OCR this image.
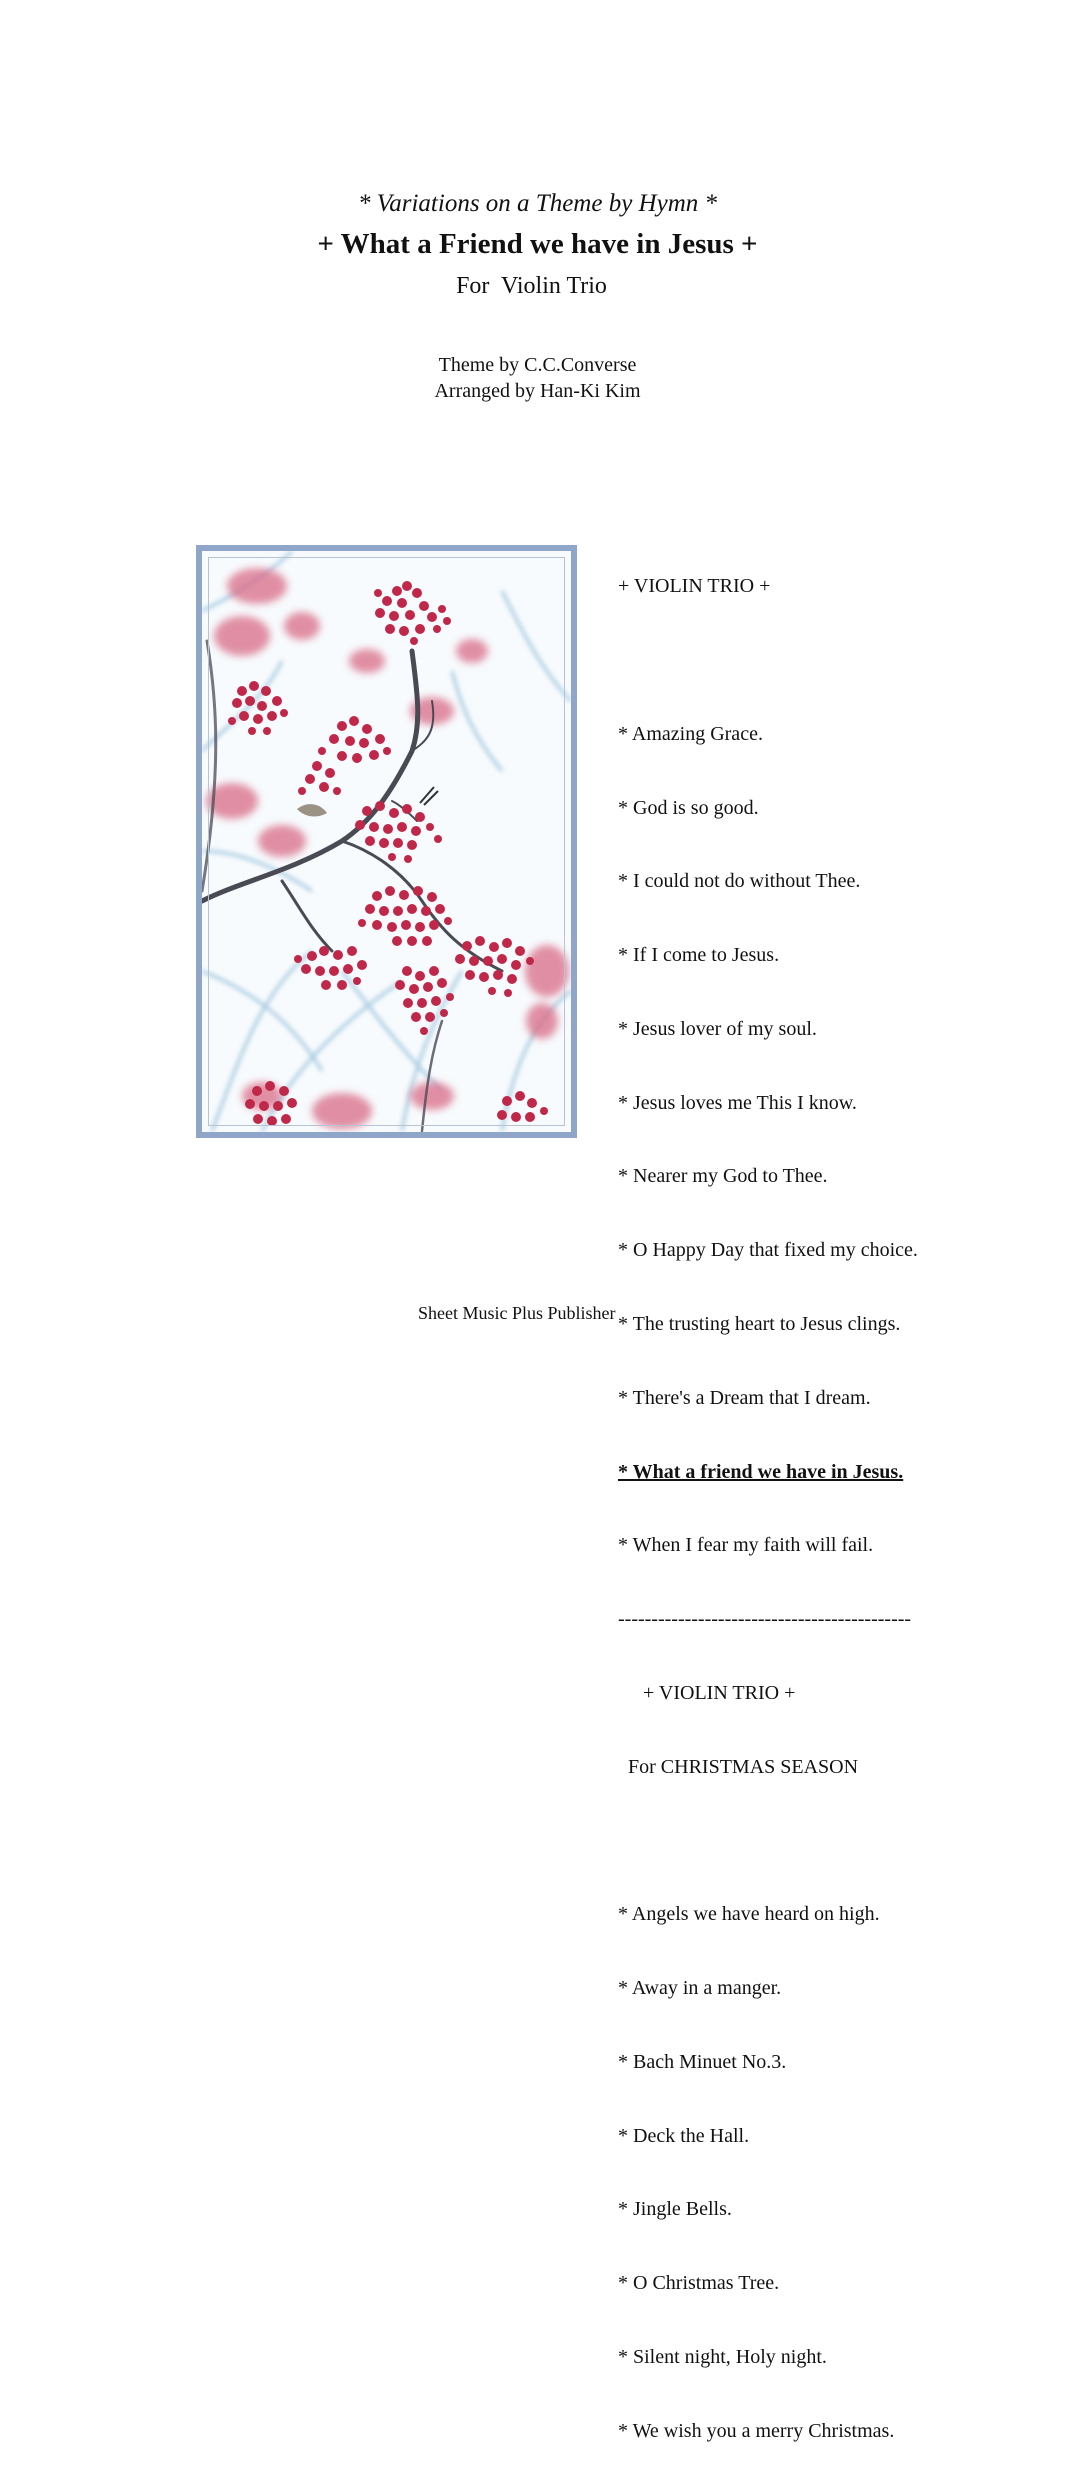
* Variations on a Theme by Hymn *
+ What a Friend we have in Jesus +
For  Violin Trio
Theme by C.C.Converse
Arranged by Han-Ki Kim

+ VIOLIN TRIO +

* Amazing Grace.

* God is so good.

* I could not do without Thee.

* If I come to Jesus.

* Jesus lover of my soul.

* Jesus loves me This I know.

* Nearer my God to Thee.

* O Happy Day that fixed my choice.

* The trusting heart to Jesus clings.

* There's a Dream that I dream.

* What a friend we have in Jesus.

* When I fear my faith will fail.

--------------------------------------------

+ VIOLIN TRIO +

For CHRISTMAS SEASON

* Angels we have heard on high.

* Away in a manger.

* Bach Minuet No.3.

* Deck the Hall.

* Jingle Bells.

* O Christmas Tree.

* Silent night, Holy night.

* We wish you a merry Christmas.

Sheet Music Plus Publisher
